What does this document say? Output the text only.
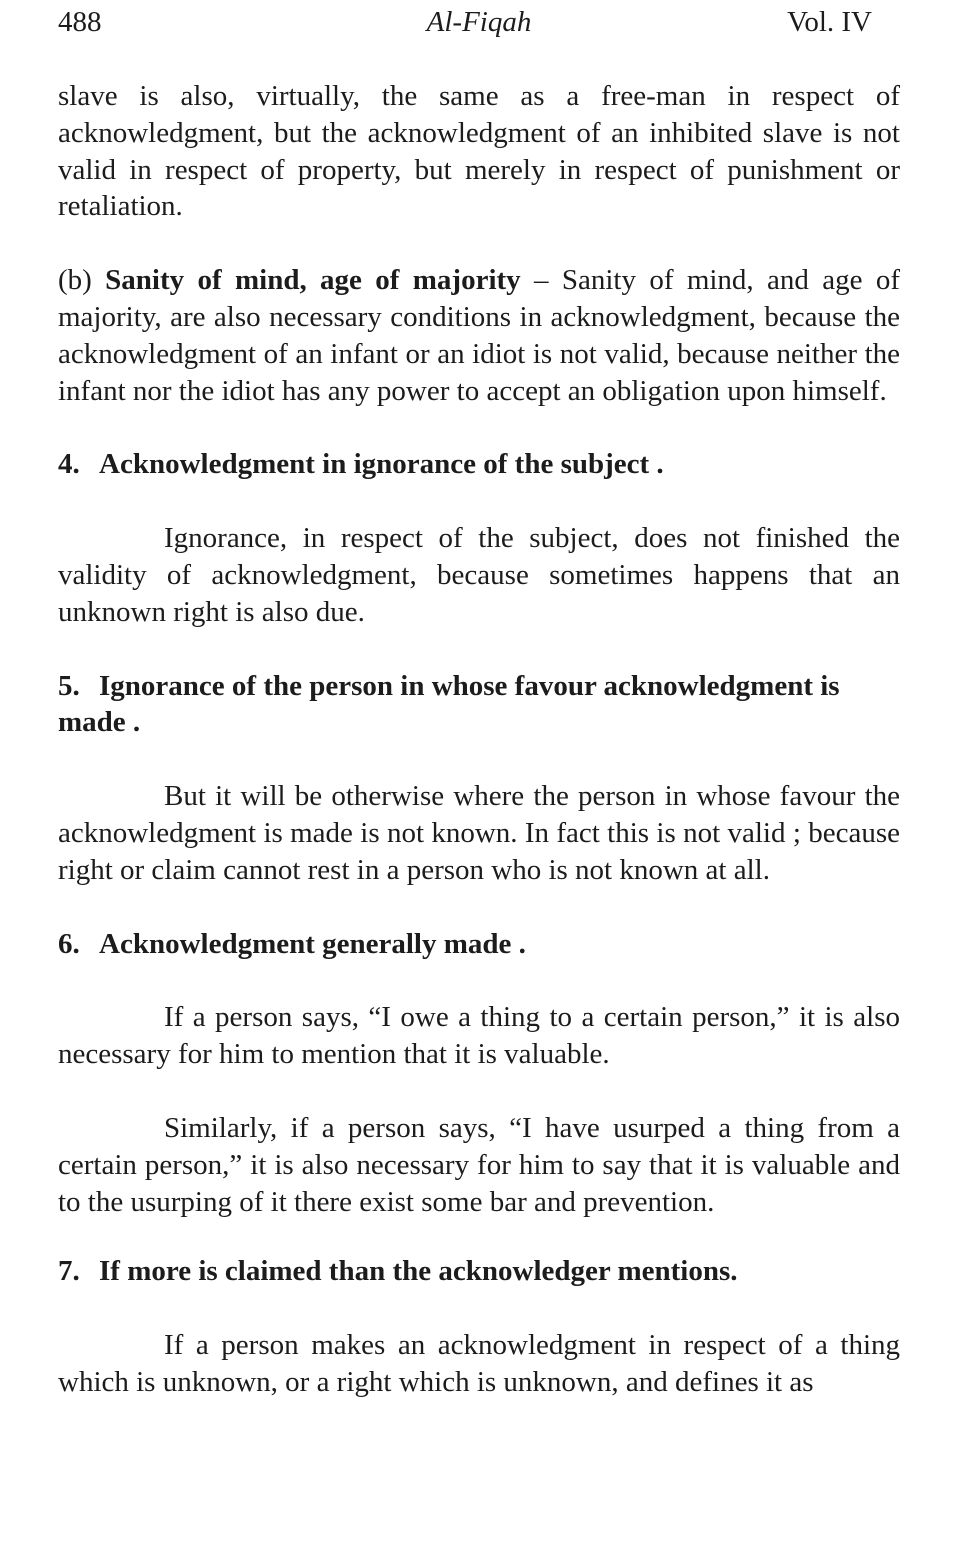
488	Al-Fiqah	Vol. IV

slave is also, virtually, the same as a free-man in respect of acknowledgment, but the acknowledgment of an inhibited slave is not valid in respect of property, but merely in respect of punishment or retaliation.

(b) Sanity of mind, age of majority – Sanity of mind, and age of majority, are also necessary conditions in acknowledgment, because the acknowledgment of an infant or an idiot is not valid, because neither the infant nor the idiot has any power to accept an obligation upon himself.

4. Acknowledgment in ignorance of the subject .

Ignorance, in respect of the subject, does not finished the validity of acknowledgment, because sometimes happens that an unknown right is also due.

5. Ignorance of the person in whose favour acknowledgment is made .

But it will be otherwise where the person in whose favour the acknowledgment is made is not known. In fact this is not valid ; because right or claim cannot rest in a person who is not known at all.

6. Acknowledgment generally made .

If a person says, “I owe a thing to a certain person,” it is also necessary for him to mention that it is valuable.

Similarly, if a person says, “I have usurped a thing from a certain person,” it is also necessary for him to say that it is valuable and to the usurping of it there exist some bar and prevention.

7. If more is claimed than the acknowledger mentions.

If a person makes an acknowledgment in respect of a thing which is unknown, or a right which is unknown, and defines it as
